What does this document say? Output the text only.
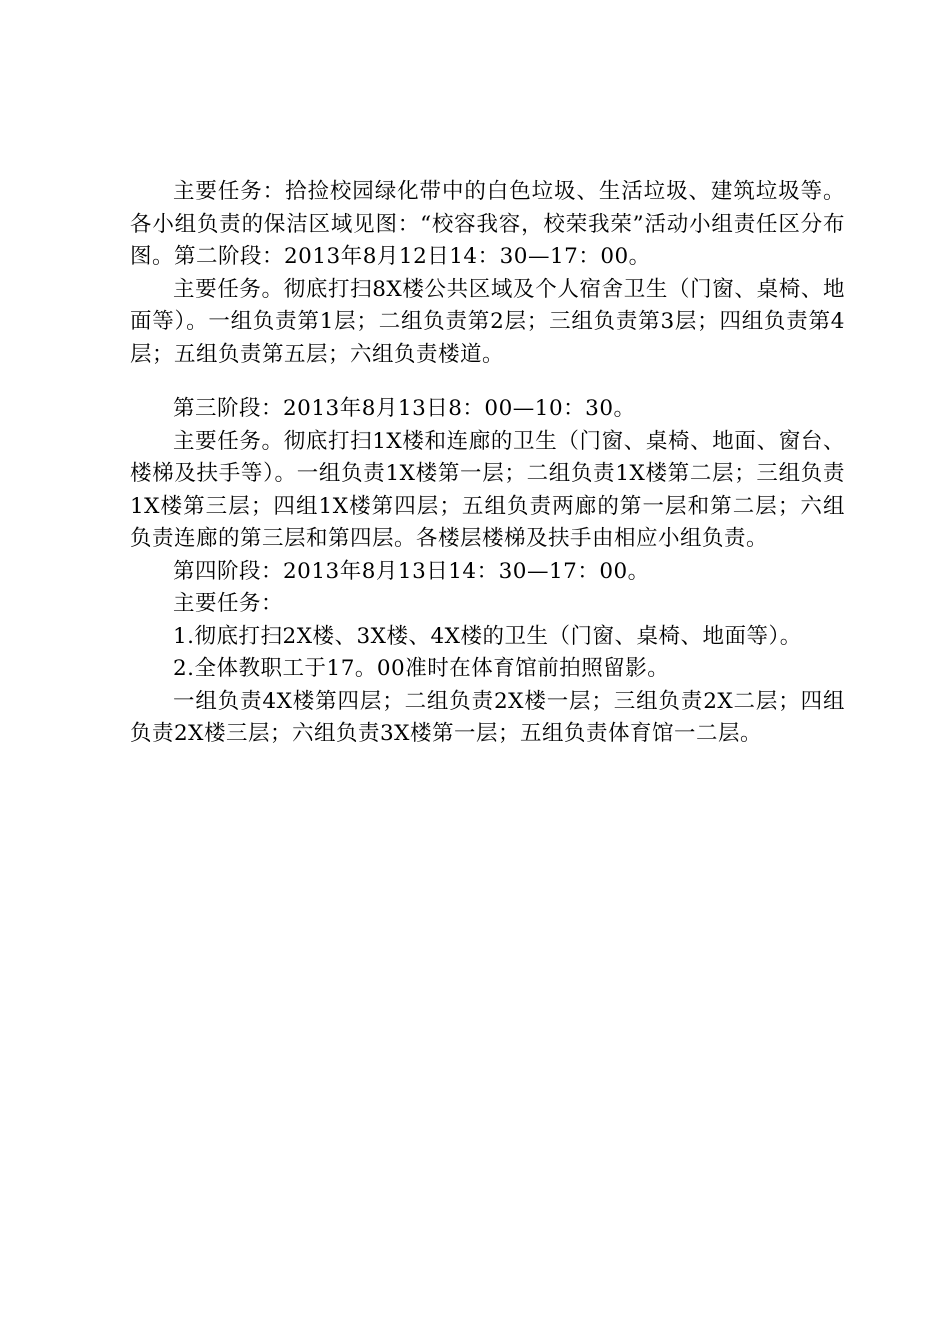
主要任务：拾捡校园绿化带中的白色垃圾、生活垃圾、建筑垃圾等。各小组负责的保洁区域见图：“校容我容，校荣我荣”活动小组责任区分布图。第二阶段：2013年8月12日14：30—17：00。

主要任务。彻底打扫8X楼公共区域及个人宿舍卫生（门窗、桌椅、地面等）。一组负责第1层；二组负责第2层；三组负责第3层；四组负责第4层；五组负责第五层；六组负责楼道。

第三阶段：2013年8月13日8：00—10：30。

主要任务。彻底打扫1X楼和连廊的卫生（门窗、桌椅、地面、窗台、楼梯及扶手等）。一组负责1X楼第一层；二组负责1X楼第二层；三组负责1X楼第三层；四组1X楼第四层；五组负责两廊的第一层和第二层；六组负责连廊的第三层和第四层。各楼层楼梯及扶手由相应小组负责。

第四阶段：2013年8月13日14：30—17：00。

主要任务：

1.彻底打扫2X楼、3X楼、4X楼的卫生（门窗、桌椅、地面等）。

2.全体教职工于17。00准时在体育馆前拍照留影。

一组负责4X楼第四层；二组负责2X楼一层；三组负责2X二层；四组负责2X楼三层；六组负责3X楼第一层；五组负责体育馆一二层。
